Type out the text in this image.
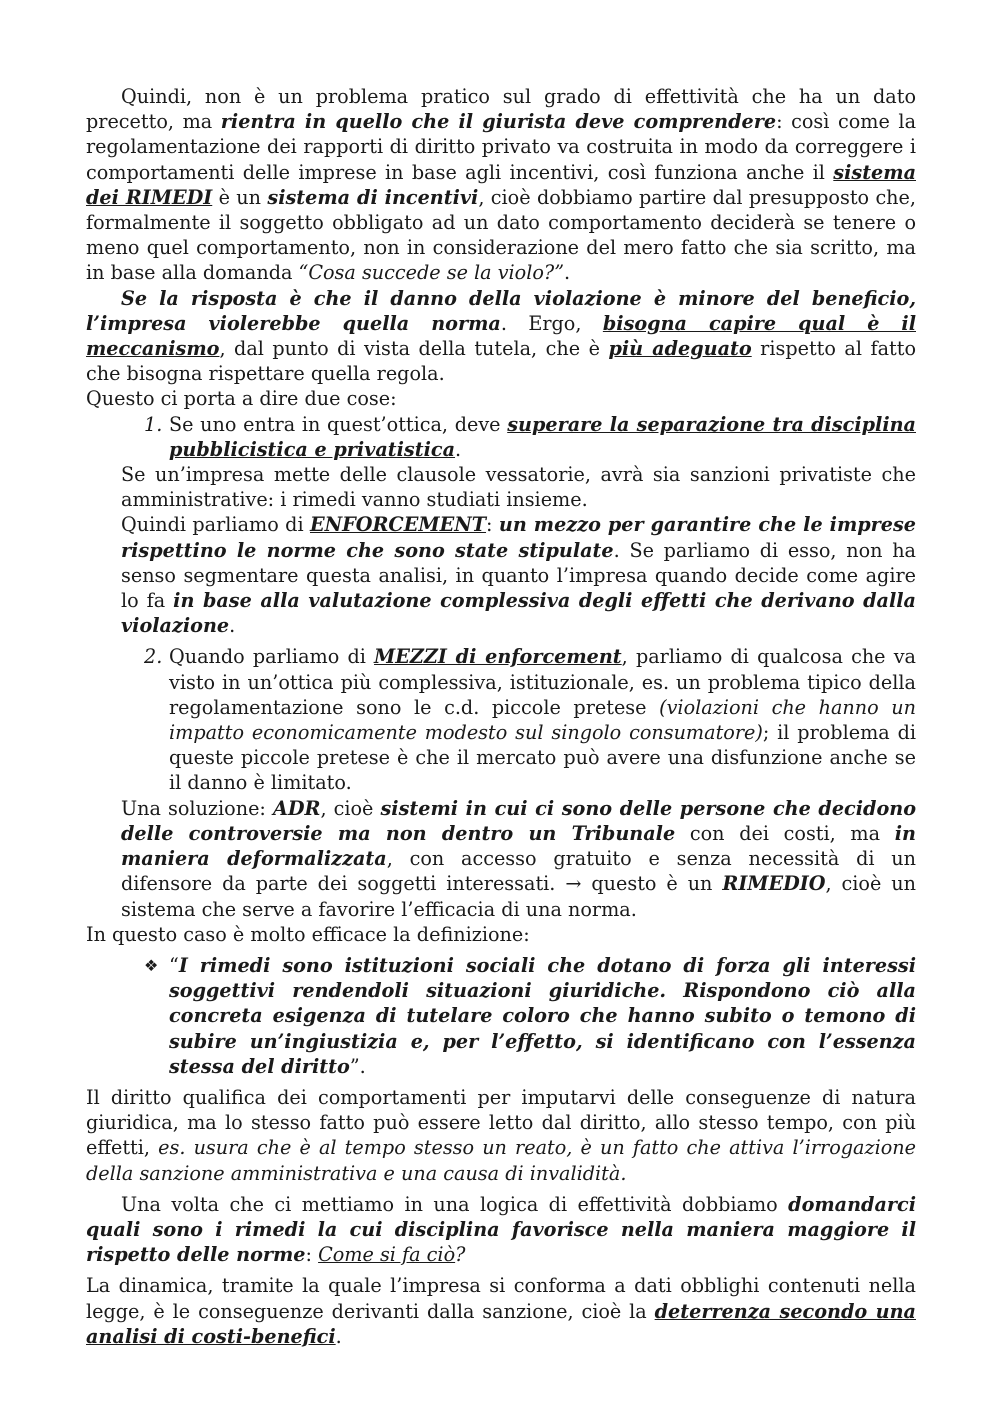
Quindi, non è un problema pratico sul grado di effettività che ha un dato precetto, ma rientra in quello che il giurista deve comprendere: così come la regolamentazione dei rapporti di diritto privato va costruita in modo da correggere i comportamenti delle imprese in base agli incentivi, così funziona anche il sistema dei RIMEDI è un sistema di incentivi, cioè dobbiamo partire dal presupposto che, formalmente il soggetto obbligato ad un dato comportamento deciderà se tenere o meno quel comportamento, non in considerazione del mero fatto che sia scritto, ma in base alla domanda “Cosa succede se la violo?”.

Se la risposta è che il danno della violazione è minore del beneficio, l’impresa violerebbe quella norma. Ergo, bisogna capire qual è il meccanismo, dal punto di vista della tutela, che è più adeguato rispetto al fatto che bisogna rispettare quella regola.

Questo ci porta a dire due cose:

1. Se uno entra in quest’ottica, deve superare la separazione tra disciplina pubblicistica e privatistica.

Se un’impresa mette delle clausole vessatorie, avrà sia sanzioni privatiste che amministrative: i rimedi vanno studiati insieme.

Quindi parliamo di ENFORCEMENT: un mezzo per garantire che le imprese rispettino le norme che sono state stipulate. Se parliamo di esso, non ha senso segmentare questa analisi, in quanto l’impresa quando decide come agire lo fa in base alla valutazione complessiva degli effetti che derivano dalla violazione.

2. Quando parliamo di MEZZI di enforcement, parliamo di qualcosa che va visto in un’ottica più complessiva, istituzionale, es. un problema tipico della regolamentazione sono le c.d. piccole pretese (violazioni che hanno un impatto economicamente modesto sul singolo consumatore); il problema di queste piccole pretese è che il mercato può avere una disfunzione anche se il danno è limitato.

Una soluzione: ADR, cioè sistemi in cui ci sono delle persone che decidono delle controversie ma non dentro un Tribunale con dei costi, ma in maniera deformalizzata, con accesso gratuito e senza necessità di un difensore da parte dei soggetti interessati. → questo è un RIMEDIO, cioè un sistema che serve a favorire l’efficacia di una norma.

In questo caso è molto efficace la definizione:

❖ “I rimedi sono istituzioni sociali che dotano di forza gli interessi soggettivi rendendoli situazioni giuridiche. Rispondono ciò alla concreta esigenza di tutelare coloro che hanno subito o temono di subire un’ingiustizia e, per l’effetto, si identificano con l’essenza stessa del diritto”.

Il diritto qualifica dei comportamenti per imputarvi delle conseguenze di natura giuridica, ma lo stesso fatto può essere letto dal diritto, allo stesso tempo, con più effetti, es. usura che è al tempo stesso un reato, è un fatto che attiva l’irrogazione della sanzione amministrativa e una causa di invalidità.

Una volta che ci mettiamo in una logica di effettività dobbiamo domandarci quali sono i rimedi la cui disciplina favorisce nella maniera maggiore il rispetto delle norme: Come si fa ciò?

La dinamica, tramite la quale l’impresa si conforma a dati obblighi contenuti nella legge, è le conseguenze derivanti dalla sanzione, cioè la deterrenza secondo una analisi di costi-benefici.
